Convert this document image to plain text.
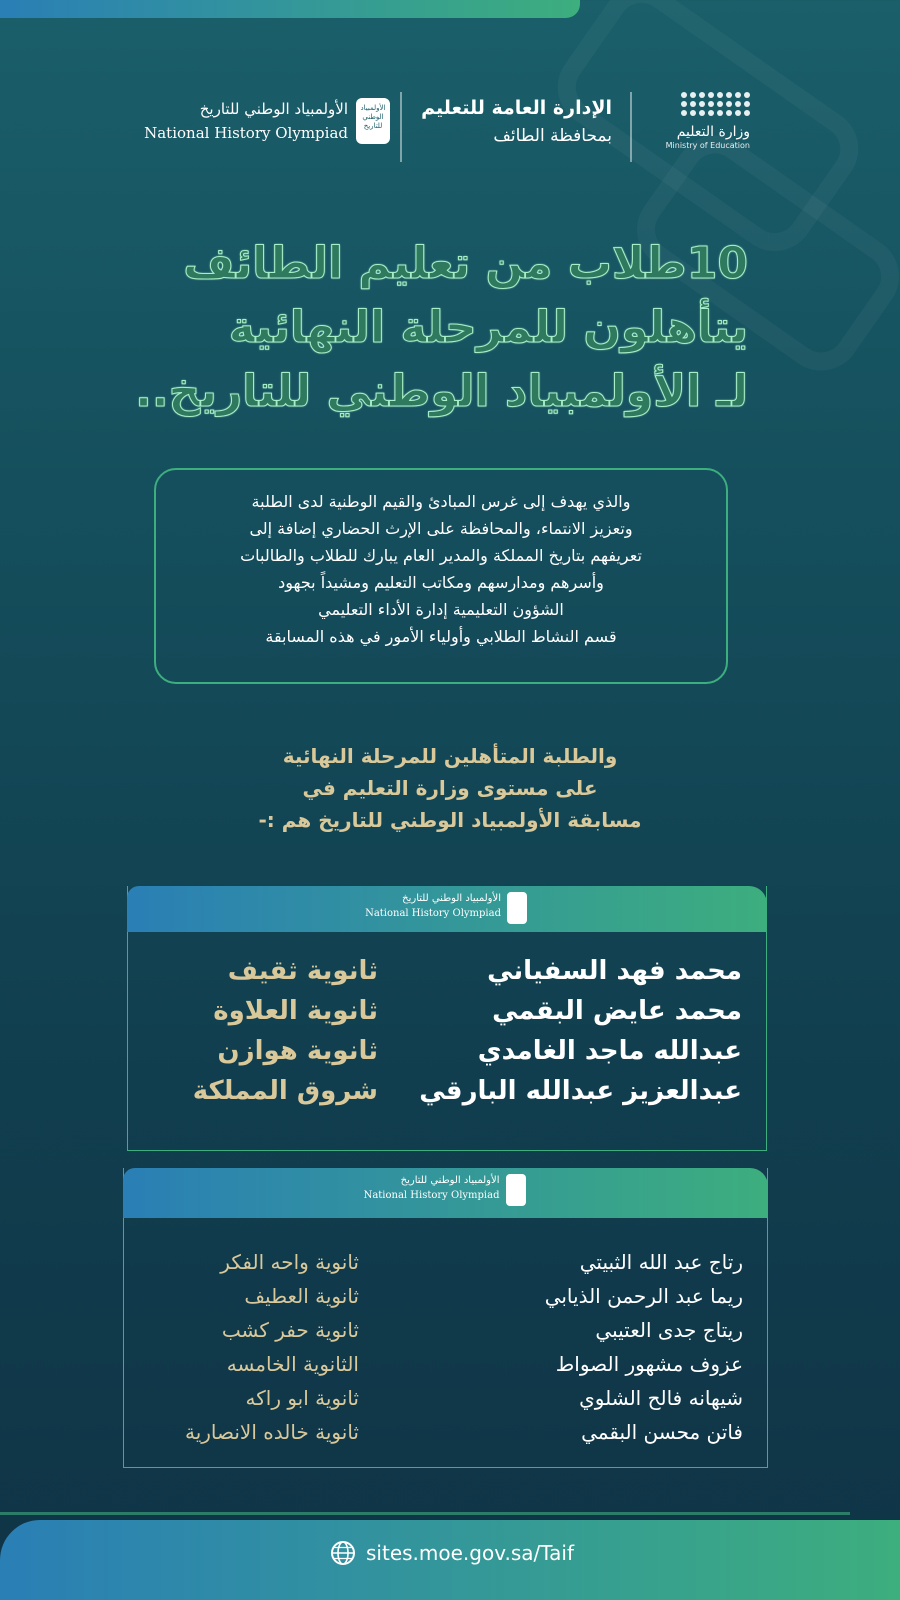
وزارة التعليم
Ministry of Education
الإدارة العامة للتعليم
بمحافظة الطائف
الأولمبياد الوطني للتاريخ
الأولمبياد الوطني للتاريخ
National History Olympiad
10طلاب من تعليم الطائف
يتأهلون للمرحلة النهائية
لـ الأولمبياد الوطني للتاريخ..
والذي يهدف إلى غرس المبادئ والقيم الوطنية لدى الطلبة
وتعزيز الانتماء، والمحافظة على الإرث الحضاري إضافة إلى
تعريفهم بتاريخ المملكة والمدير العام يبارك للطلاب والطالبات
وأسرهم ومدارسهم ومكاتب التعليم ومشيداً بجهود
الشؤون التعليمية إدارة الأداء التعليمي
قسم النشاط الطلابي وأولياء الأمور في هذه المسابقة
والطلبة المتأهلين للمرحلة النهائية
على مستوى وزارة التعليم في
مسابقة الأولمبياد الوطني للتاريخ هم :-
الأولمبياد الوطني للتاريخ
National History Olympiad
محمد فهد السفياني
ثانوية ثقيف
محمد عايض البقمي
ثانوية العلاوة
عبدالله ماجد الغامدي
ثانوية هوازن
عبدالعزيز عبدالله البارقي
شروق المملكة
الأولمبياد الوطني للتاريخ
National History Olympiad
رتاج عبد الله الثبيتي
ثانوية واحه الفكر
ريما عبد الرحمن الذيابي
ثانوية العطيف
ريتاج جدى العتيبي
ثانوية حفر كشب
عزوف مشهور الصواط
الثانوية الخامسه
شيهانه فالح الشلوي
ثانوية ابو راكه
فاتن محسن البقمي
ثانوية خالده الانصارية
sites.moe.gov.sa/Taif
